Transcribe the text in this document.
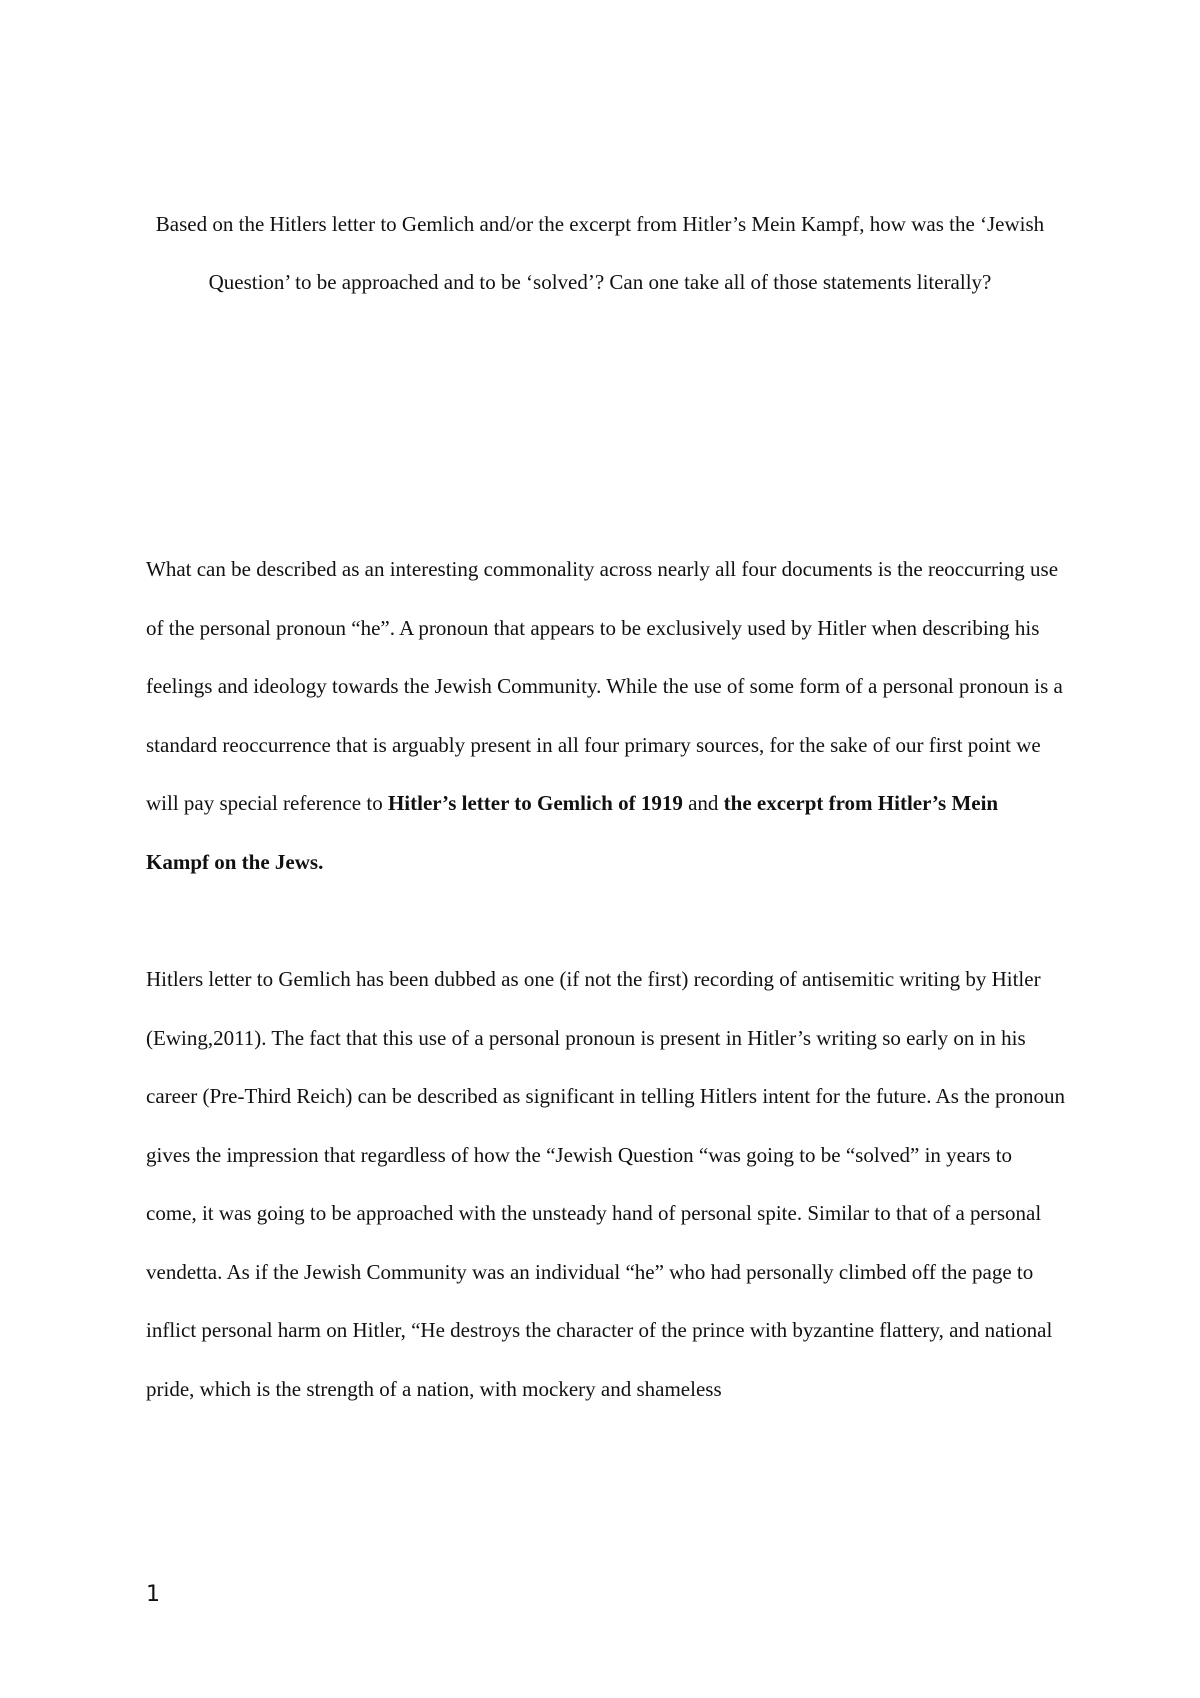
Based on the Hitlers letter to Gemlich and/or the excerpt from Hitler’s Mein Kampf, how was the ‘Jewish Question’ to be approached and to be ‘solved’? Can one take all of those statements literally?
What can be described as an interesting commonality across nearly all four documents is the reoccurring use of the personal pronoun “he”. A pronoun that appears to be exclusively used by Hitler when describing his feelings and ideology towards the Jewish Community. While the use of some form of a personal pronoun is a standard reoccurrence that is arguably present in all four primary sources, for the sake of our first point we will pay special reference to Hitler’s letter to Gemlich of 1919 and the excerpt from Hitler’s Mein Kampf on the Jews.
Hitlers letter to Gemlich has been dubbed as one (if not the first) recording of antisemitic writing by Hitler (Ewing,2011). The fact that this use of a personal pronoun is present in Hitler’s writing so early on in his career (Pre-Third Reich) can be described as significant in telling Hitlers intent for the future. As the pronoun gives the impression that regardless of how the “Jewish Question “was going to be “solved” in years to come, it was going to be approached with the unsteady hand of personal spite. Similar to that of a personal vendetta. As if the Jewish Community was an individual “he” who had personally climbed off the page to inflict personal harm on Hitler, “He destroys the character of the prince with byzantine flattery, and national pride, which is the strength of a nation, with mockery and shameless
1
